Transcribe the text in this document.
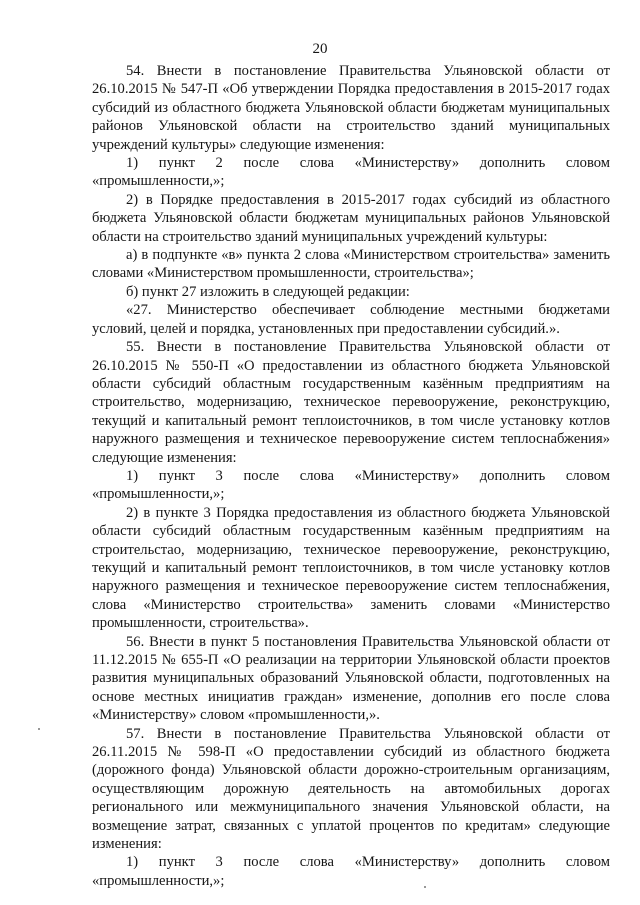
20

54. Внести в постановление Правительства Ульяновской области от 26.10.2015 № 547-П «Об утверждении Порядка предоставления в 2015-2017 годах субсидий из областного бюджета Ульяновской области бюджетам муниципальных районов Ульяновской области на строительство зданий муниципальных учреждений культуры» следующие изменения:

1) пункт 2 после слова «Министерству» дополнить словом «промышленности,»;

2) в Порядке предоставления в 2015-2017 годах субсидий из областного бюджета Ульяновской области бюджетам муниципальных районов Ульяновской области на строительство зданий муниципальных учреждений культуры:

а) в подпункте «в» пункта 2 слова «Министерством строительства» заменить словами «Министерством промышленности, строительства»;

б) пункт 27 изложить в следующей редакции:

«27. Министерство обеспечивает соблюдение местными бюджетами условий, целей и порядка, установленных при предоставлении субсидий.».

55. Внести в постановление Правительства Ульяновской области от 26.10.2015 № 550-П «О предоставлении из областного бюджета Ульяновской области субсидий областным государственным казённым предприятиям на строительство, модернизацию, техническое перевооружение, реконструкцию, текущий и капитальный ремонт теплоисточников, в том числе установку котлов наружного размещения и техническое перевооружение систем теплоснабжения» следующие изменения:

1) пункт 3 после слова «Министерству» дополнить словом «промышленности,»;

2) в пункте 3 Порядка предоставления из областного бюджета Ульяновской области субсидий областным государственным казённым предприятиям на строительстао, модернизацию, техническое перевооружение, реконструкцию, текущий и капитальный ремонт теплоисточников, в том числе установку котлов наружного размещения и техническое перевооружение систем теплоснабжения, слова «Министерство строительства» заменить словами «Министерство промышленности, строительства».

56. Внести в пункт 5 постановления Правительства Ульяновской области от 11.12.2015 № 655-П «О реализации на территории Ульяновской области проектов развития муниципальных образований Ульяновской области, подготовленных на основе местных инициатив граждан» изменение, дополнив его после слова «Министерству» словом «промышленности,».

57. Внести в постановление Правительства Ульяновской области от 26.11.2015 № 598-П «О предоставлении субсидий из областного бюджета (дорожного фонда) Ульяновской области дорожно-строительным организациям, осуществляющим дорожную деятельность на автомобильных дорогах регионального или межмуниципального значения Ульяновской области, на возмещение затрат, связанных с уплатой процентов по кредитам» следующие изменения:

1) пункт 3 после слова «Министерству» дополнить словом «промышленности,»;
